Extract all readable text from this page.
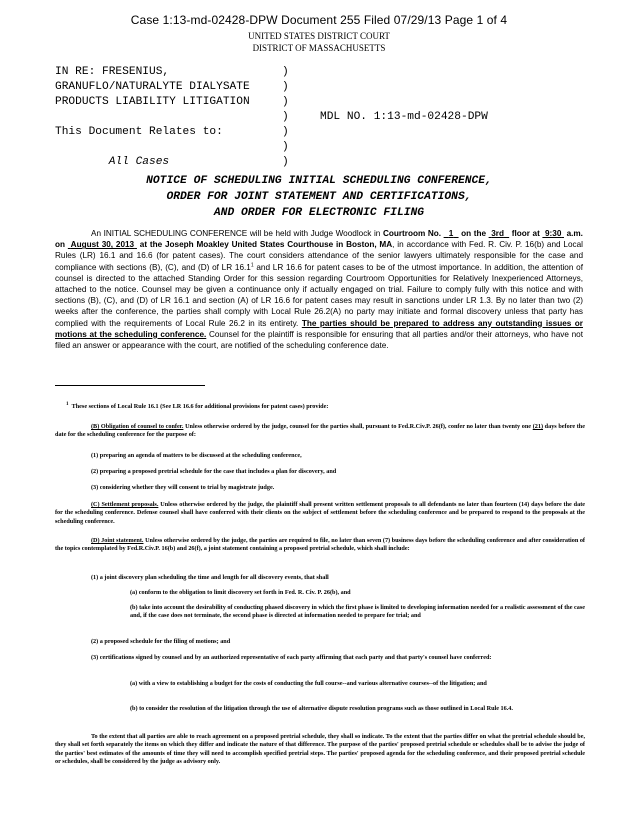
Case 1:13-md-02428-DPW Document 255 Filed 07/29/13 Page 1 of 4
UNITED STATES DISTRICT COURT
DISTRICT OF MASSACHUSETTS
IN RE: FRESENIUS,
GRANUFLO/NATURALYTE DIALYSATE
PRODUCTS LIABILITY LITIGATION
This Document Relates to:
All Cases
)
)
)
)
)
)
)
MDL NO. 1:13-md-02428-DPW
NOTICE OF SCHEDULING INITIAL SCHEDULING CONFERENCE,
ORDER FOR JOINT STATEMENT AND CERTIFICATIONS,
AND ORDER FOR ELECTRONIC FILING
An INITIAL SCHEDULING CONFERENCE will be held with Judge Woodlock in Courtroom No. 1 on the 3rd floor at 9:30 a.m. on August 30, 2013 at the Joseph Moakley United States Courthouse in Boston, MA, in accordance with Fed. R. Civ. P. 16(b) and Local Rules (LR) 16.1 and 16.6 (for patent cases). The court considers attendance of the senior lawyers ultimately responsible for the case and compliance with sections (B), (C), and (D) of LR 16.1$^1$ and LR 16.6 for patent cases to be of the utmost importance. In addition, the attention of counsel is directed to the attached Standing Order for this session regarding Courtroom Opportunities for Relatively Inexperienced Attorneys, attached to the notice. Counsel may be given a continuance only if actually engaged on trial. Failure to comply fully with this notice and with sections (B), (C), and (D) of LR 16.1 and section (A) of LR 16.6 for patent cases may result in sanctions under LR 1.3. By no later than two (2) weeks after the conference, the parties shall comply with Local Rule 26.2(A) no party may initiate and formal discovery unless that party has complied with the requirements of Local Rule 26.2 in its entirety. The parties should be prepared to address any outstanding issues or motions at the scheduling conference. Counsel for the plaintiff is responsible for ensuring that all parties and/or their attorneys, who have not filed an answer or appearance with the court, are notified of the scheduling conference date.
$^1$ These sections of Local Rule 16.1 (See LR 16.6 for additional provisions for patent cases) provide:
(B) Obligation of counsel to confer. Unless otherwise ordered by the judge, counsel for the parties shall, pursuant to Fed.R.Civ.P. 26(f), confer no later than twenty one (21) days before the date for the scheduling conference for the purpose of:
(1) preparing an agenda of matters to be discussed at the scheduling conference,
(2) preparing a proposed pretrial schedule for the case that includes a plan for discovery, and
(3) considering whether they will consent to trial by magistrate judge.
(C) Settlement proposals. Unless otherwise ordered by the judge, the plaintiff shall present written settlement proposals to all defendants no later than fourteen (14) days before the date for the scheduling conference. Defense counsel shall have conferred with their clients on the subject of settlement before the scheduling conference and be prepared to respond to the proposals at the scheduling conference.
(D) Joint statement. Unless otherwise ordered by the judge, the parties are required to file, no later than seven (7) business days before the scheduling conference and after consideration of the topics contemplated by Fed.R.Civ.P. 16(b) and 26(f), a joint statement containing a proposed pretrial schedule, which shall include:
(1) a joint discovery plan scheduling the time and length for all discovery events, that shall
(a) conform to the obligation to limit discovery set forth in Fed. R. Civ. P. 26(b), and
(b) take into account the desirability of conducting phased discovery in which the first phase is limited to developing information needed for a realistic assessment of the case and, if the case does not terminate, the second phase is directed at information needed to prepare for trial; and
(2) a proposed schedule for the filing of motions; and
(3) certifications signed by counsel and by an authorized representative of each party affirming that each party and that party's counsel have conferred:
(a) with a view to establishing a budget for the costs of conducting the full course--and various alternative courses--of the litigation; and
(b) to consider the resolution of the litigation through the use of alternative dispute resolution programs such as those outlined in Local Rule 16.4.
To the extent that all parties are able to reach agreement on a proposed pretrial schedule, they shall so indicate. To the extent that the parties differ on what the pretrial schedule should be, they shall set forth separately the items on which they differ and indicate the nature of that difference. The purpose of the parties' proposed pretrial schedule or schedules shall be to advise the judge of the parties' best estimates of the amounts of time they will need to accomplish specified pretrial steps. The parties' proposed agenda for the scheduling conference, and their proposed pretrial schedule or schedules, shall be considered by the judge as advisory only.
